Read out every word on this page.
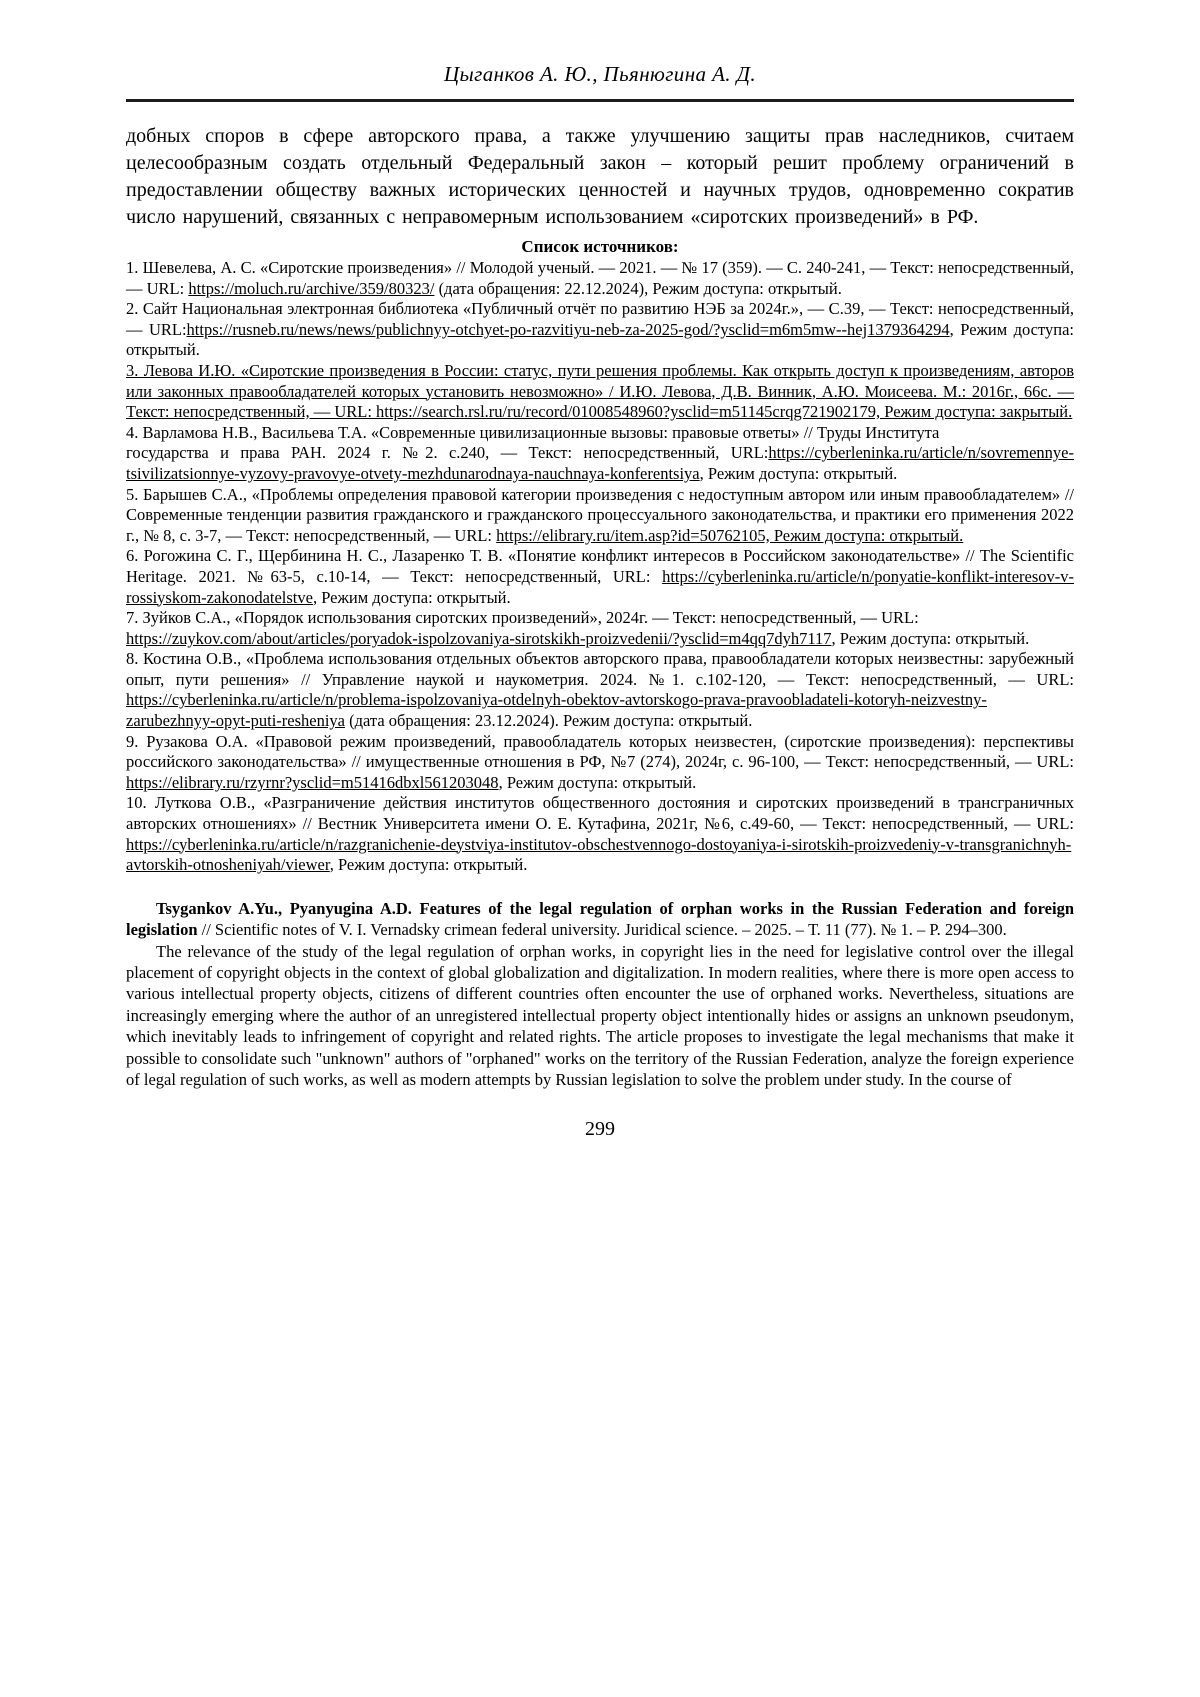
Цыганков А. Ю., Пьянюгина А. Д.

добных споров в сфере авторского права, а также улучшению защиты прав наследников, считаем целесообразным создать отдельный Федеральный закон – который решит проблему ограничений в предоставлении обществу важных исторических ценностей и научных трудов, одновременно сократив число нарушений, связанных с неправомерным использованием «сиротских произведений» в РФ.

Список источников:

1. Шевелева, А. С. «Сиротские произведения» // Молодой ученый. — 2021. — № 17 (359). — С. 240-241, — Текст: непосредственный, — URL: https://moluch.ru/archive/359/80323/ (дата обращения: 22.12.2024), Режим доступа: открытый.

2. Сайт Национальная электронная библиотека «Публичный отчёт по развитию НЭБ за 2024г.», — С.39, — Текст: непосредственный, — URL:https://rusneb.ru/news/news/publichnyy-otchyet-po-razvitiyu-neb-za-2025-god/?ysclid=m6m5mw--hej1379364294, Режим доступа: открытый.

3. Левова И.Ю. «Сиротские произведения в России: статус, пути решения проблемы. Как открыть доступ к произведениям, авторов или законных правообладателей которых установить невозможно» / И.Ю. Левова, Д.В. Винник, А.Ю. Моисеева. М.: 2016г., 66с. — Текст: непосредственный, — URL: https://search.rsl.ru/ru/record/01008548960?ysclid=m51145crqg721902179, Режим доступа: закрытый.

4. Варламова Н.В., Васильева Т.А. «Современные цивилизационные вызовы: правовые ответы» // Труды Института
государства и права РАН. 2024 г. №2. с.240, — Текст: непосредственный, URL:https://cyberleninka.ru/article/n/sovremennye-tsivilizatsionnye-vyzovy-pravovye-otvety-mezhdunarodnaya-nauchnaya-konferentsiya, Режим доступа: открытый.

5. Барышев С.А., «Проблемы определения правовой категории произведения с недоступным автором или иным правообладателем» // Современные тенденции развития гражданского и гражданского процессуального законодательства, и практики его применения 2022 г., № 8, с. 3-7, — Текст: непосредственный, — URL: https://elibrary.ru/item.asp?id=50762105, Режим доступа: открытый.

6. Рогожина С. Г., Щербинина Н. С., Лазаренко Т. В. «Понятие конфликт интересов в Российском законодательстве» // The Scientific Heritage. 2021. №63-5, с.10-14, — Текст: непосредственный, URL: https://cyberleninka.ru/article/n/ponyatie-konflikt-interesov-v-rossiyskom-zakonodatelstve, Режим доступа: открытый.

7. Зуйков С.А., «Порядок использования сиротских произведений», 2024г. — Текст: непосредственный, — URL:
https://zuykov.com/about/articles/poryadok-ispolzovaniya-sirotskikh-proizvedenii/?ysclid=m4qq7dyh7117, Режим доступа: открытый.

8. Костина О.В., «Проблема использования отдельных объектов авторского права, правообладатели которых неизвестны: зарубежный опыт, пути решения» // Управление наукой и наукометрия. 2024. №1. с.102-120, — Текст: непосредственный, — URL: https://cyberleninka.ru/article/n/problema-ispolzovaniya-otdelnyh-obektov-avtorskogo-prava-pravoobladateli-kotoryh-neizvestny-zarubezhnyy-opyt-puti-resheniya (дата обращения: 23.12.2024). Режим доступа: открытый.

9. Рузакова О.А. «Правовой режим произведений, правообладатель которых неизвестен, (сиротские произведения): перспективы российского законодательства» // имущественные отношения в РФ, №7 (274), 2024г, с. 96-100, — Текст: непосредственный, — URL: https://elibrary.ru/rzyrnr?ysclid=m51416dbxl561203048, Режим доступа: открытый.

10. Луткова О.В., «Разграничение действия институтов общественного достояния и сиротских произведений в трансграничных авторских отношениях» // Вестник Университета имени О. Е. Кутафина, 2021г, №6, с.49-60, — Текст: непосредственный, — URL: https://cyberleninka.ru/article/n/razgranichenie-deystviya-institutov-obschestvennogo-dostoyaniya-i-sirotskih-proizvedeniy-v-transgranichnyh-avtorskih-otnosheniyah/viewer, Режим доступа: открытый.

Tsygankov A.Yu., Pyanyugina A.D. Features of the legal regulation of orphan works in the Russian Federation and foreign legislation // Scientific notes of V. I. Vernadsky crimean federal university. Juridical science. – 2025. – Т. 11 (77). № 1. – P. 294–300.

The relevance of the study of the legal regulation of orphan works, in copyright lies in the need for legislative control over the illegal placement of copyright objects in the context of global globalization and digitalization. In modern realities, where there is more open access to various intellectual property objects, citizens of different countries often encounter the use of orphaned works. Nevertheless, situations are increasingly emerging where the author of an unregistered intellectual property object intentionally hides or assigns an unknown pseudonym, which inevitably leads to infringement of copyright and related rights. The article proposes to investigate the legal mechanisms that make it possible to consolidate such "unknown" authors of "orphaned" works on the territory of the Russian Federation, analyze the foreign experience of legal regulation of such works, as well as modern attempts by Russian legislation to solve the problem under study. In the course of

299
